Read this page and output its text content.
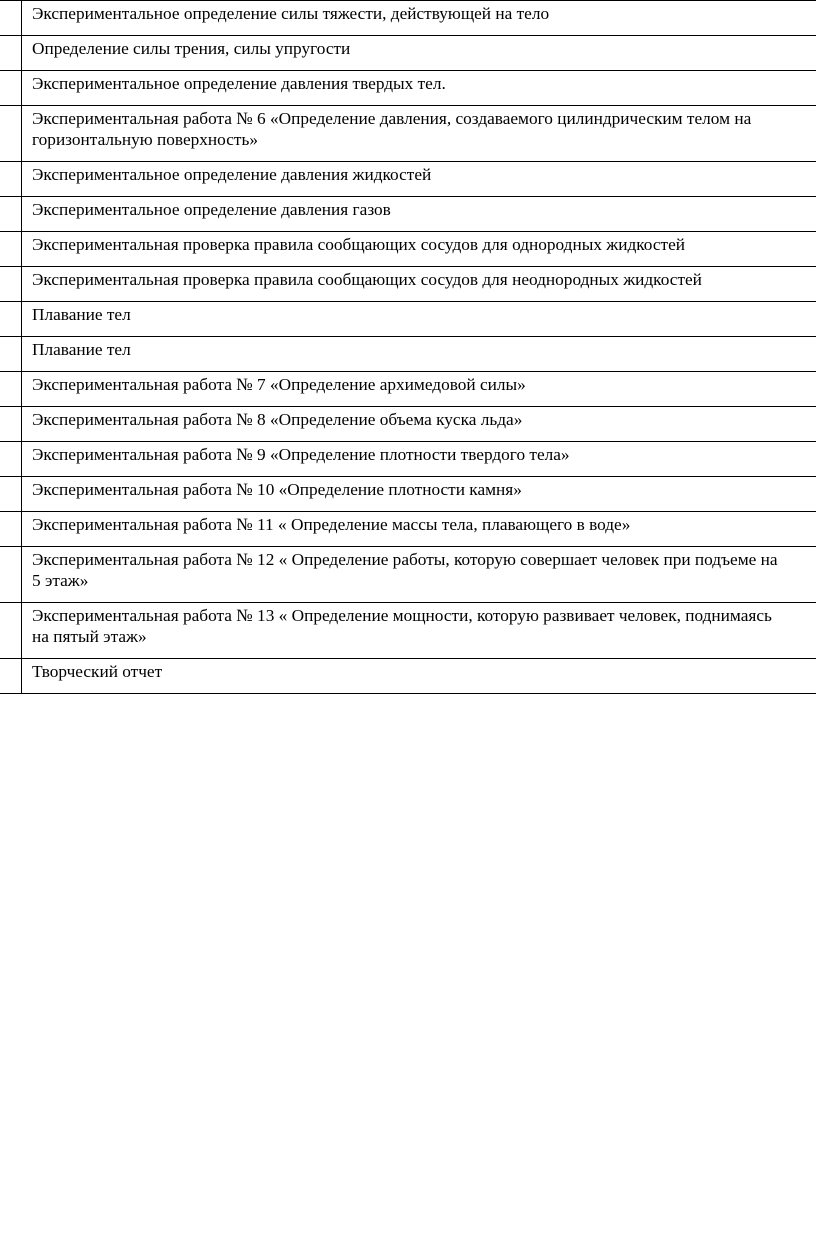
	Экспериментальное определение силы тяжести, действующей на тело

	Определение силы трения, силы упругости

	Экспериментальное определение давления твердых тел.

	Экспериментальная работа № 6 «Определение давления, создаваемого цилиндрическим телом на
горизонтальную поверхность»

	Экспериментальное определение давления жидкостей

	Экспериментальное определение давления газов

	Экспериментальная проверка правила сообщающих сосудов для однородных жидкостей

	Экспериментальная проверка правила сообщающих сосудов для неоднородных жидкостей

	Плавание тел

	Плавание тел

	Экспериментальная работа № 7 «Определение архимедовой силы»

	Экспериментальная работа № 8 «Определение объема куска льда»

	Экспериментальная работа № 9 «Определение плотности твердого тела»

	Экспериментальная работа № 10 «Определение плотности камня»

	Экспериментальная работа № 11 « Определение массы тела, плавающего в воде»

	Экспериментальная работа № 12 « Определение работы, которую совершает человек при подъеме на
5 этаж»

	Экспериментальная работа № 13 « Определение мощности, которую развивает человек, поднимаясь
на пятый этаж»

	Творческий отчет
